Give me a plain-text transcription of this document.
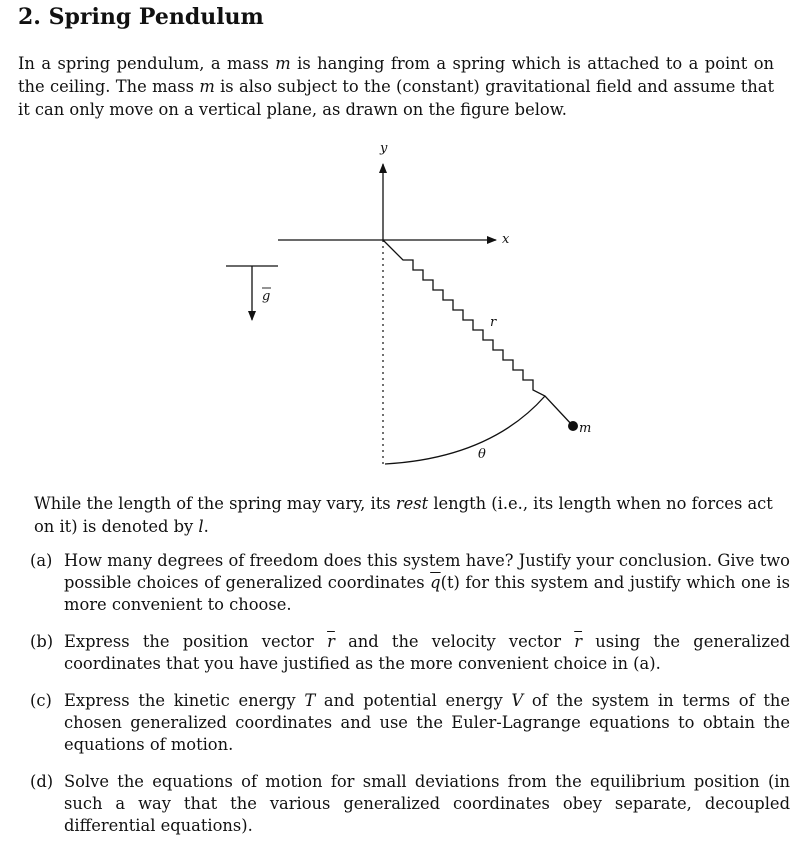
2. Spring Pendulum

In a spring pendulum, a mass m is hanging from a spring which is attached to a point on the ceiling. The mass m is also subject to the (constant) gravitational field and assume that it can only move on a vertical plane, as drawn on the figure below.

y
x
g
r
m
θ

While the length of the spring may vary, its rest length (i.e., its length when no forces act on it) is denoted by l.

(a) How many degrees of freedom does this system have? Justify your conclusion. Give two possible choices of generalized coordinates $\overline{q}(t)$ for this system and justify which one is more convenient to choose.
(b) Express the position vector $\overline{r}$ and the velocity vector $\overline{r}$ using the generalized coordinates that you have justified as the more convenient choice in (a).
(c) Express the kinetic energy T and potential energy V of the system in terms of the chosen generalized coordinates and use the Euler-Lagrange equations to obtain the equations of motion.
(d) Solve the equations of motion for small deviations from the equilibrium position (in such a way that the various generalized coordinates obey separate, decoupled differential equations).
